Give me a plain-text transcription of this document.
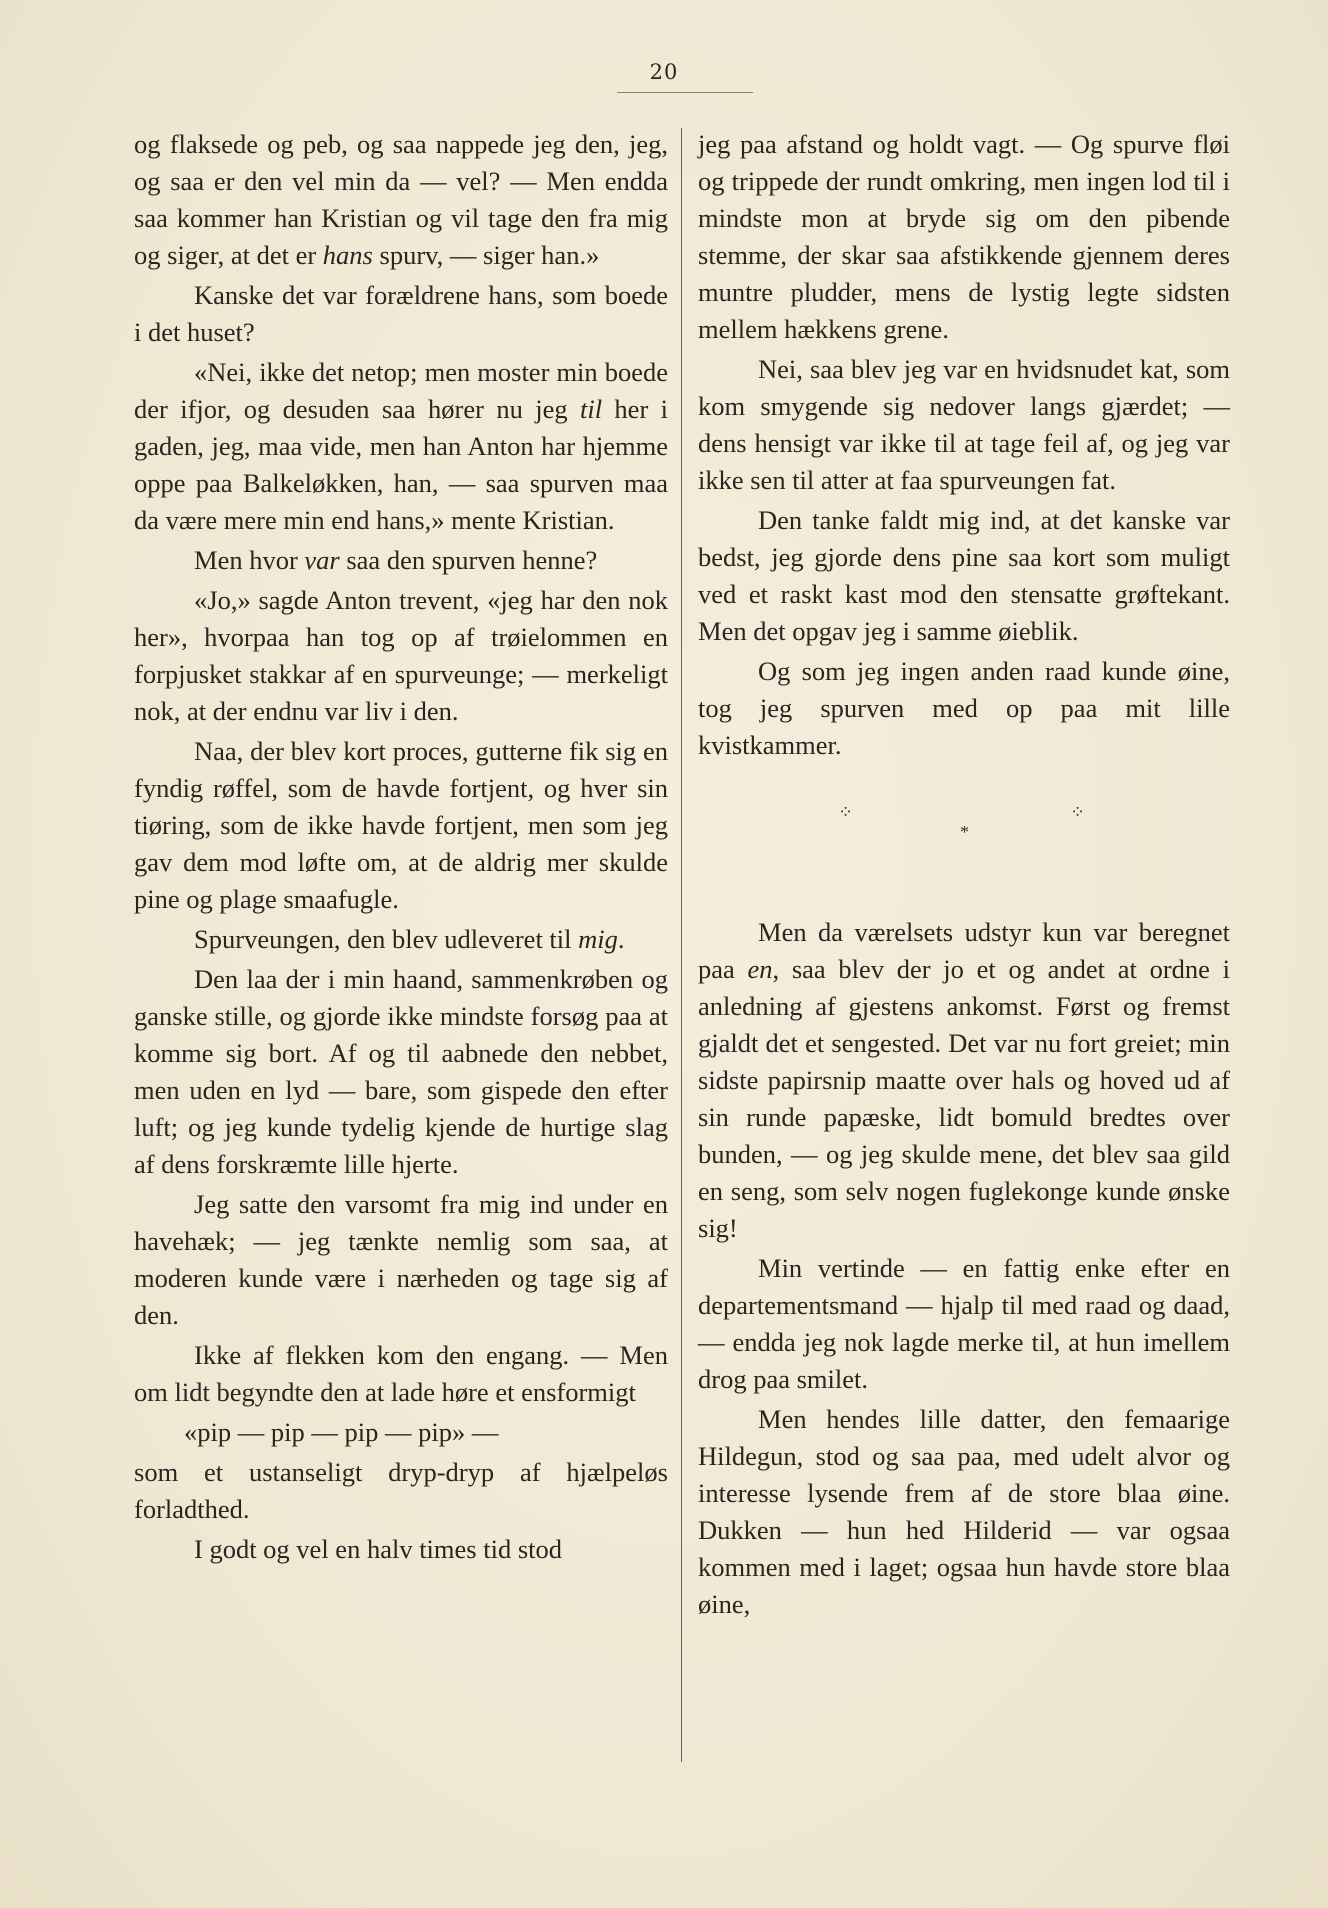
20

og flaksede og peb, og saa nappede jeg den, jeg, og saa er den vel min da — vel? — Men endda saa kommer han Kristian og vil tage den fra mig og siger, at det er hans spurv, — siger han.»

Kanske det var forældrene hans, som boede i det huset?

«Nei, ikke det netop; men moster min boede der ifjor, og desuden saa hører nu jeg til her i gaden, jeg, maa vide, men han Anton har hjemme oppe paa Balkeløkken, han, — saa spurven maa da være mere min end hans,» mente Kristian.

Men hvor var saa den spurven henne?

«Jo,» sagde Anton trevent, «jeg har den nok her», hvorpaa han tog op af trøielommen en forpjusket stakkar af en spurveunge; — merkeligt nok, at der endnu var liv i den.

Naa, der blev kort proces, gutterne fik sig en fyndig røffel, som de havde fortjent, og hver sin tiøring, som de ikke havde fortjent, men som jeg gav dem mod løfte om, at de aldrig mer skulde pine og plage smaafugle.

Spurveungen, den blev udleveret til mig.

Den laa der i min haand, sammenkrøben og ganske stille, og gjorde ikke mindste forsøg paa at komme sig bort. Af og til aabnede den nebbet, men uden en lyd — bare, som gispede den efter luft; og jeg kunde tydelig kjende de hurtige slag af dens forskræmte lille hjerte.

Jeg satte den varsomt fra mig ind under en havehæk; — jeg tænkte nemlig som saa, at moderen kunde være i nærheden og tage sig af den.

Ikke af flekken kom den engang. — Men om lidt begyndte den at lade høre et ensformigt

«pip — pip — pip — pip» —

som et ustanseligt dryp-dryp af hjælpeløs forladthed.

I godt og vel en halv times tid stod

jeg paa afstand og holdt vagt. — Og spurve fløi og trippede der rundt omkring, men ingen lod til i mindste mon at bryde sig om den pibende stemme, der skar saa afstikkende gjennem deres muntre pludder, mens de lystig legte sidsten mellem hækkens grene.

Nei, saa blev jeg var en hvidsnudet kat, som kom smygende sig nedover langs gjærdet; — dens hensigt var ikke til at tage feil af, og jeg var ikke sen til atter at faa spurveungen fat.

Den tanke faldt mig ind, at det kanske var bedst, jeg gjorde dens pine saa kort som muligt ved et raskt kast mod den stensatte grøftekant. Men det opgav jeg i samme øieblik.

Og som jeg ingen anden raad kunde øine, tog jeg spurven med op paa mit lille kvistkammer.

⁘
*
⁘

Men da værelsets udstyr kun var beregnet paa en, saa blev der jo et og andet at ordne i anledning af gjestens ankomst. Først og fremst gjaldt det et sengested. Det var nu fort greiet; min sidste papirsnip maatte over hals og hoved ud af sin runde papæske, lidt bomuld bredtes over bunden, — og jeg skulde mene, det blev saa gild en seng, som selv nogen fuglekonge kunde ønske sig!

Min vertinde — en fattig enke efter en departementsmand — hjalp til med raad og daad, — endda jeg nok lagde merke til, at hun imellem drog paa smilet.

Men hendes lille datter, den femaarige Hildegun, stod og saa paa, med udelt alvor og interesse lysende frem af de store blaa øine. Dukken — hun hed Hilderid — var ogsaa kommen med i laget; ogsaa hun havde store blaa øine,
